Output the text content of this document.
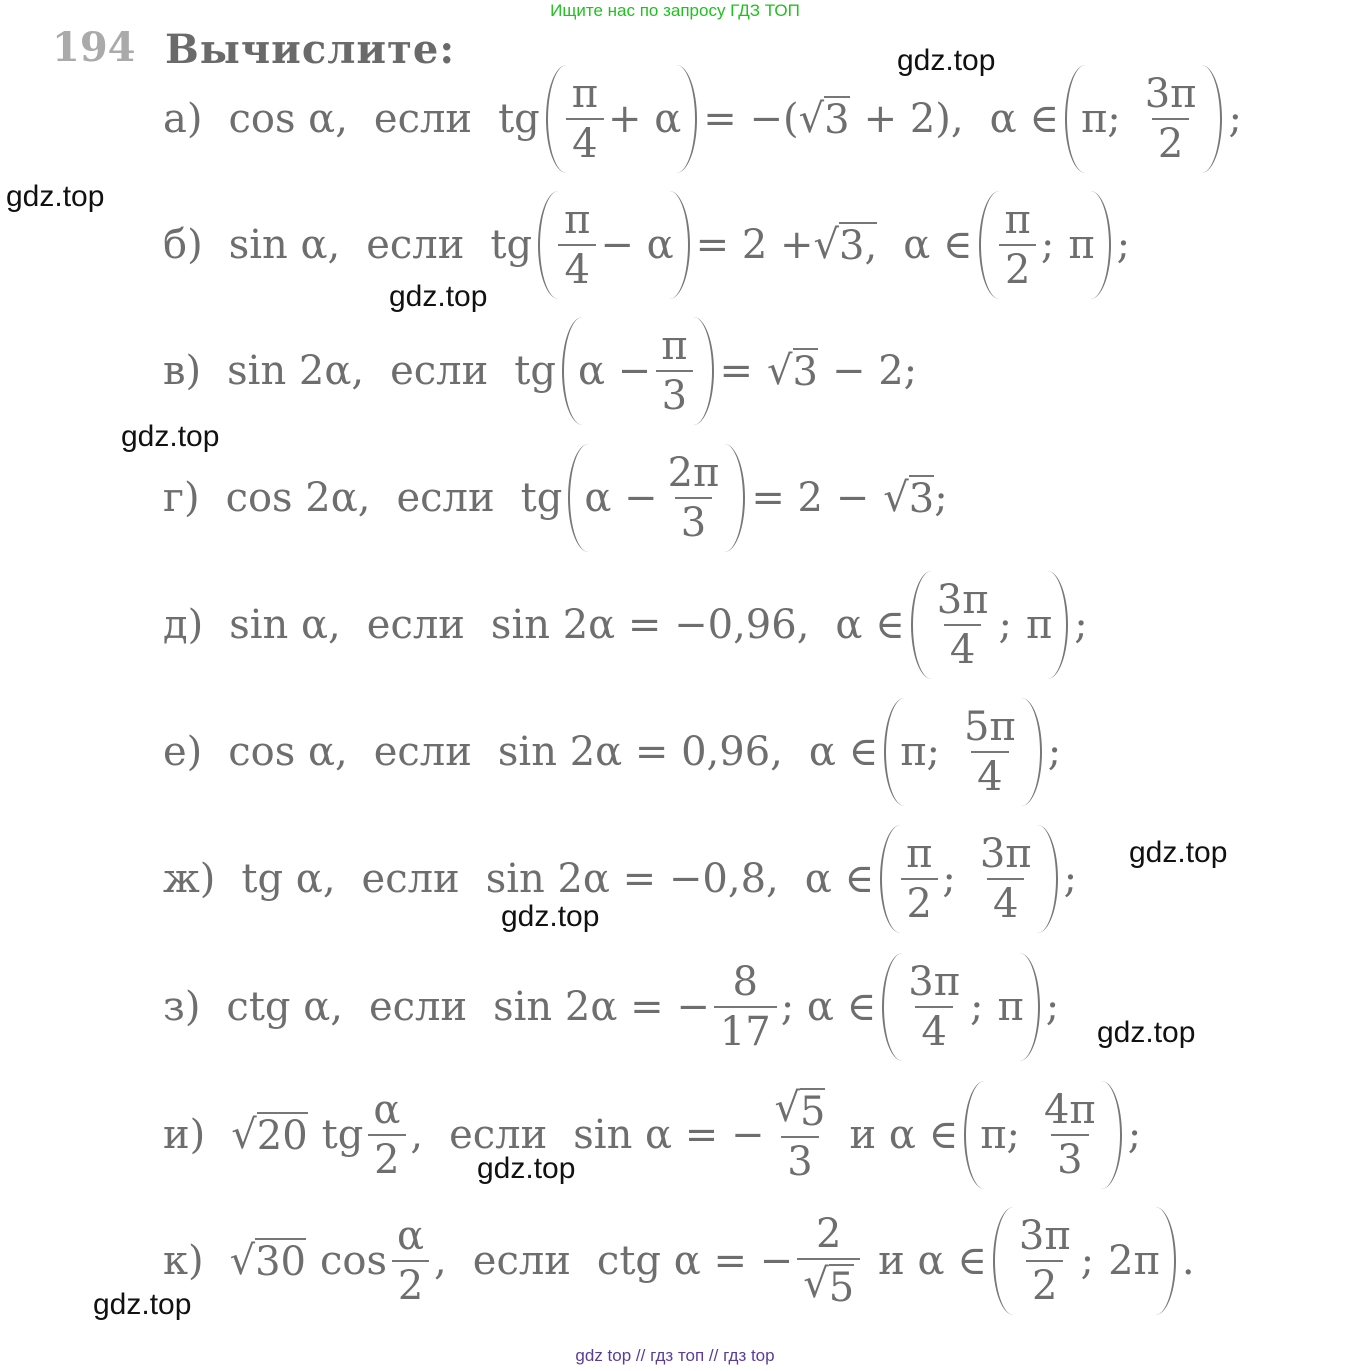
Ищите нас по запросу ГДЗ ТОП
194 Вычислите:
а) cos α, если tg $\frac{\pi}{4} + \alpha$ = −( √ 3 + 2), α ∈ π; $\frac{3\pi}{2}$ ;
б) sin α, если tg $\frac{\pi}{4} - \alpha = 2$ + √ 3, α ∈ $\frac{\pi}{2}$ ; π ;
в) sin 2α, если tg $\alpha - \frac{\pi}{3}$ = √ 3 − 2;
г) cos 2α, если tg $\alpha - \frac{2\pi}{3} = 2$ − √ 3 ;
д) sin α, если sin 2α = −0,96, α ∈ $\frac{3\pi}{4}$ ; π ;
е) cos α, если sin 2α = 0,96, α ∈ π; $\frac{5\pi}{4}$ ;
ж) tg α, если sin 2α = −0,8, α ∈ $\frac{\pi}{2}$ ; $\frac{3\pi}{4}$ ;
з) ctg α, если sin 2α = − $\frac{8}{17}$ ; α ∈ $\frac{3\pi}{4}$ ; π ;
и) √ 20 tg $\frac{\alpha}{2}$ , если sin α = − $\frac{√ 5}{3}$ и α ∈ π; $\frac{4\pi}{3}$ ;
к) √ 30 $\cos \frac{\alpha}{2}$ , если ctg α = − $\frac{2}{√ 5}$ и α ∈ $\frac{3\pi}{2}$ ; 2π .
gdz.top
gdz.top
gdz.top
gdz.top
gdz.top
gdz.top
gdz.top
gdz.top
gdz.top
gdz top // гдз топ // гдз top
